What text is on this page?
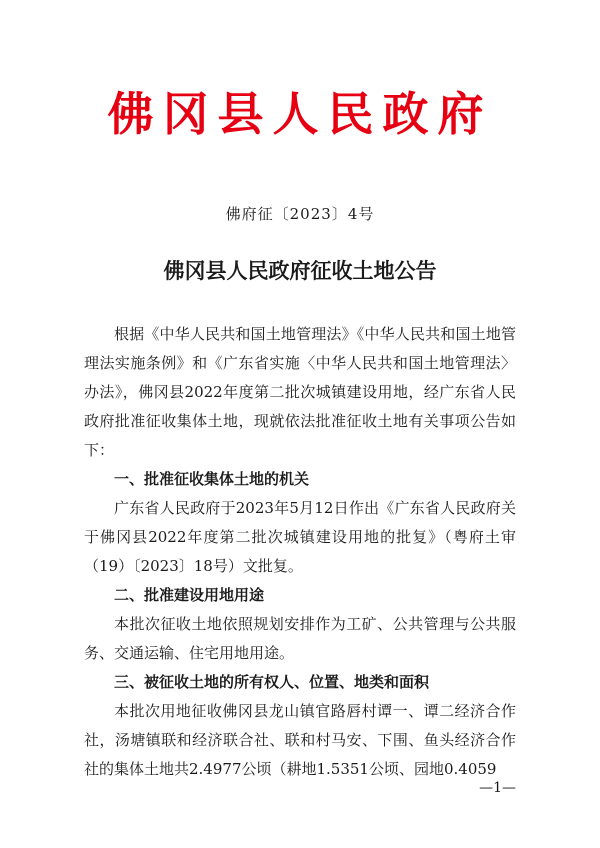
佛冈县人民政府
佛府征〔2023〕4号
佛冈县人民政府征收土地公告

根据《中华人民共和国土地管理法》《中华人民共和国土地管理法实施条例》和《广东省实施〈中华人民共和国土地管理法〉办法》，佛冈县2022年度第二批次城镇建设用地，经广东省人民政府批准征收集体土地，现就依法批准征收土地有关事项公告如下：

一、批准征收集体土地的机关

广东省人民政府于2023年5月12日作出《广东省人民政府关于佛冈县2022年度第二批次城镇建设用地的批复》（粤府土审（19）〔2023〕18号）文批复。

二、批准建设用地用途

本批次征收土地依照规划安排作为工矿、公共管理与公共服务、交通运输、住宅用地用途。

三、被征收土地的所有权人、位置、地类和面积

本批次用地征收佛冈县龙山镇官路唇村谭一、谭二经济合作社，汤塘镇联和经济联合社、联和村马安、下围、鱼头经济合作社的集体土地共2.4977公顷（耕地1.5351公顷、园地0.4059

—1—
